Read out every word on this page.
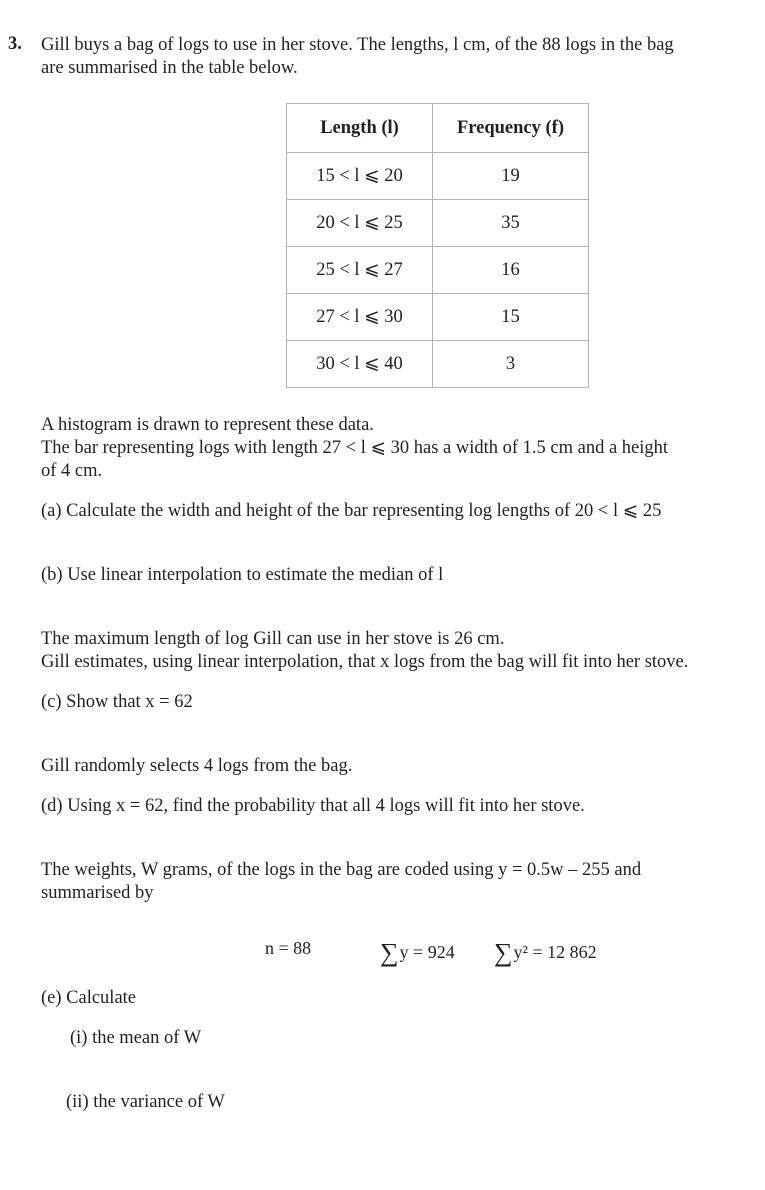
3. Gill buys a bag of logs to use in her stove. The lengths, l cm, of the 88 logs in the bag
are summarised in the table below.
Length (l)	Frequency (f)
15 < l ⩽ 20	19
20 < l ⩽ 25	35
25 < l ⩽ 27	16
27 < l ⩽ 30	15
30 < l ⩽ 40	3
A histogram is drawn to represent these data.
The bar representing logs with length 27 < l ⩽ 30 has a width of 1.5 cm and a height
of 4 cm.
(a) Calculate the width and height of the bar representing log lengths of 20 < l ⩽ 25
(b) Use linear interpolation to estimate the median of l
The maximum length of log Gill can use in her stove is 26 cm.
Gill estimates, using linear interpolation, that x logs from the bag will fit into her stove.
(c) Show that x = 62
Gill randomly selects 4 logs from the bag.
(d) Using x = 62, find the probability that all 4 logs will fit into her stove.
The weights, W grams, of the logs in the bag are coded using y = 0.5w – 255 and
summarised by
n = 88	∑y = 924 ∑y² = 12 862
(e) Calculate
(i) the mean of W
(ii) the variance of W
